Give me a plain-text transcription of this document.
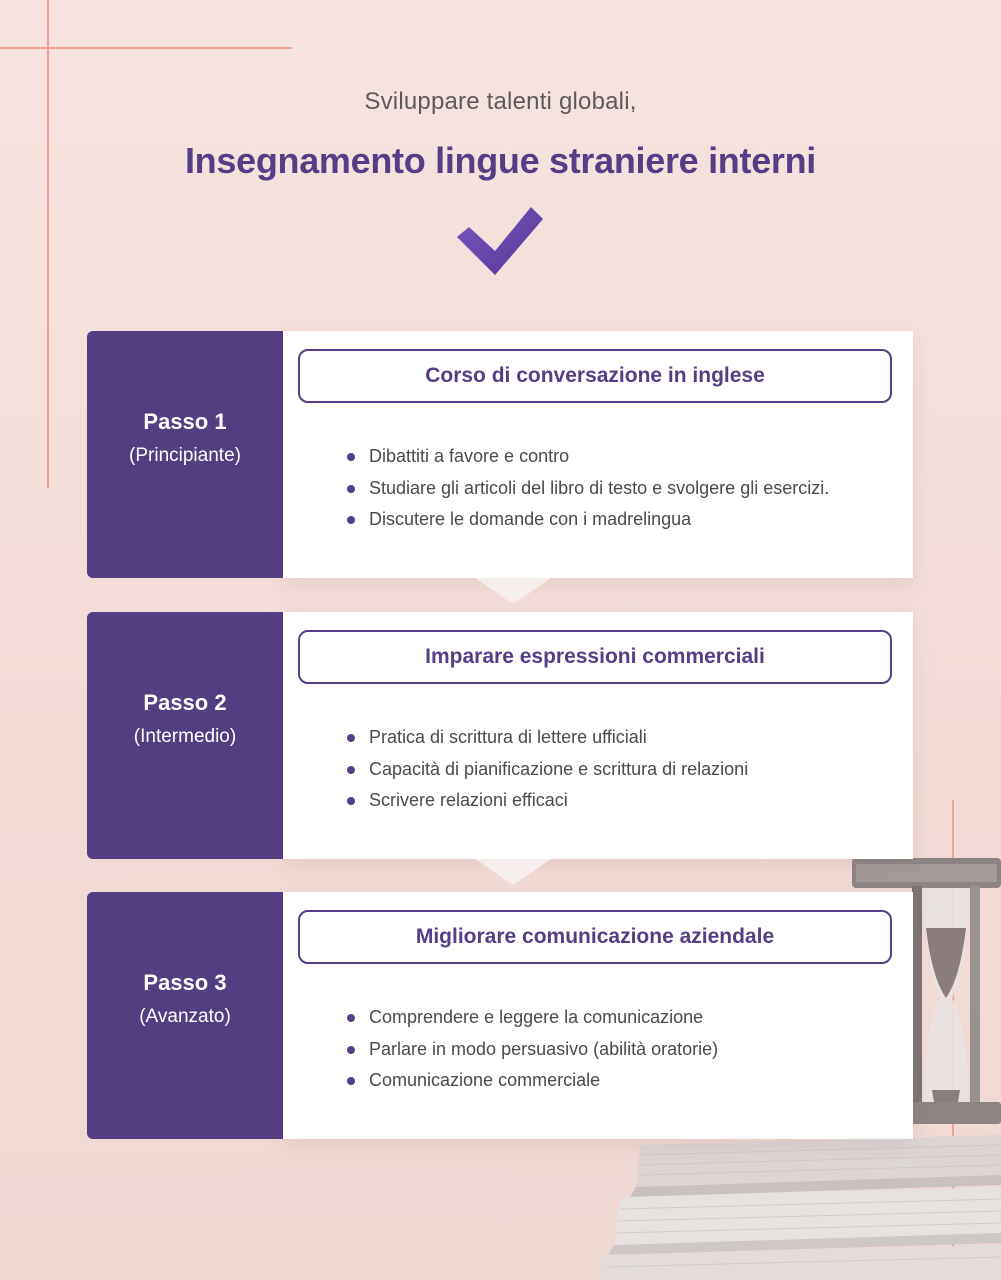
Sviluppare talenti globali,
Insegnamento lingue straniere interni
Passo 1
(Principiante)
Corso di conversazione in inglese
Dibattiti a favore e contro
Studiare gli articoli del libro di testo e svolgere gli esercizi.
Discutere le domande con i madrelingua
Passo 2
(Intermedio)
Imparare espressioni commerciali
Pratica di scrittura di lettere ufficiali
Capacità di pianificazione e scrittura di relazioni
Scrivere relazioni efficaci
Passo 3
(Avanzato)
Migliorare comunicazione aziendale
Comprendere e leggere la comunicazione
Parlare in modo persuasivo (abilità oratorie)
Comunicazione commerciale
